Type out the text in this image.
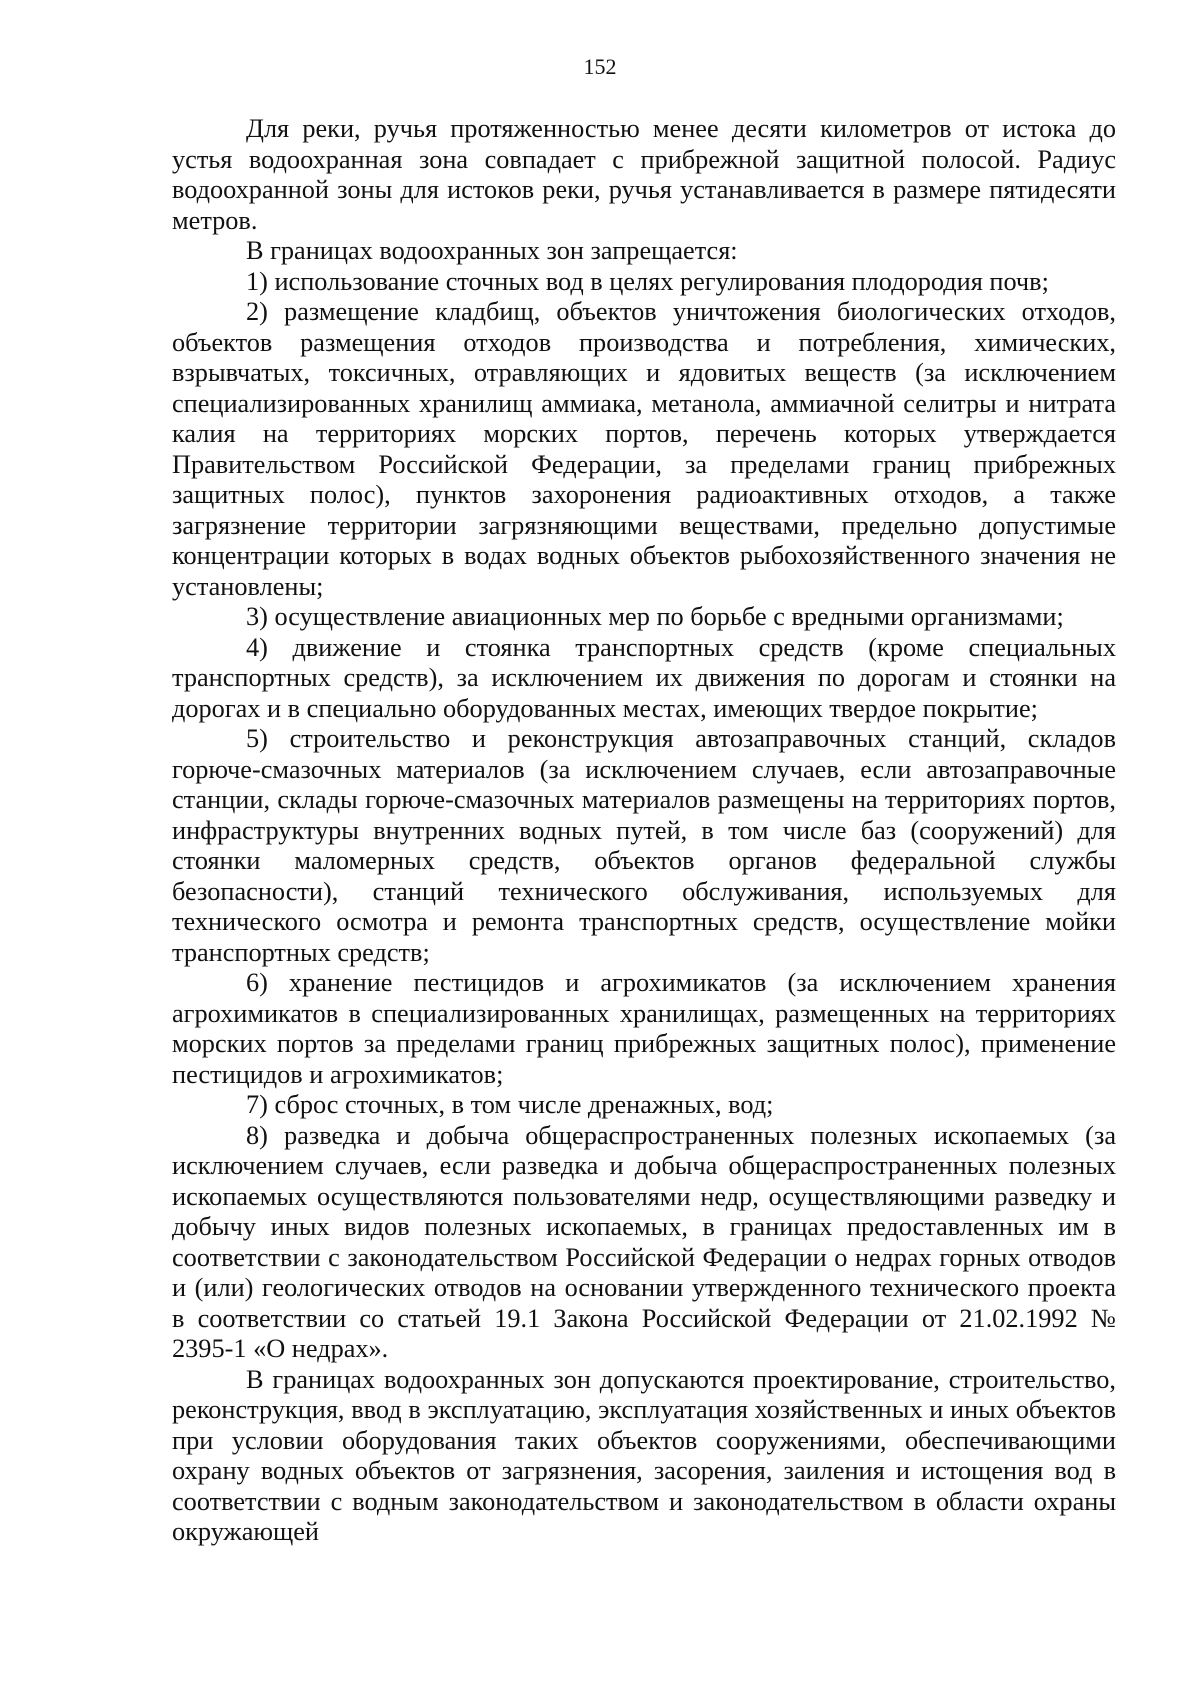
152

Для реки, ручья протяженностью менее десяти километров от истока до устья водоохранная зона совпадает с прибрежной защитной полосой. Радиус водоохранной зоны для истоков реки, ручья устанавливается в размере пятидесяти метров.

В границах водоохранных зон запрещается:

1) использование сточных вод в целях регулирования плодородия почв;

2) размещение кладбищ, объектов уничтожения биологических отходов, объектов размещения отходов производства и потребления, химических, взрывчатых, токсичных, отравляющих и ядовитых веществ (за исключением специализированных хранилищ аммиака, метанола, аммиачной селитры и нитрата калия на территориях морских портов, перечень которых утверждается Правительством Российской Федерации, за пределами границ прибрежных защитных полос), пунктов захоронения радиоактивных отходов, а также загрязнение территории загрязняющими веществами, предельно допустимые концентрации которых в водах водных объектов рыбохозяйственного значения не установлены;

3) осуществление авиационных мер по борьбе с вредными организмами;

4) движение и стоянка транспортных средств (кроме специальных транспортных средств), за исключением их движения по дорогам и стоянки на дорогах и в специально оборудованных местах, имеющих твердое покрытие;

5) строительство и реконструкция автозаправочных станций, складов горюче-смазочных материалов (за исключением случаев, если автозаправочные станции, склады горюче-смазочных материалов размещены на территориях портов, инфраструктуры внутренних водных путей, в том числе баз (сооружений) для стоянки маломерных средств, объектов органов федеральной службы безопасности), станций технического обслуживания, используемых для технического осмотра и ремонта транспортных средств, осуществление мойки транспортных средств;

6) хранение пестицидов и агрохимикатов (за исключением хранения агрохимикатов в специализированных хранилищах, размещенных на территориях морских портов за пределами границ прибрежных защитных полос), применение пестицидов и агрохимикатов;

7) сброс сточных, в том числе дренажных, вод;

8) разведка и добыча общераспространенных полезных ископаемых (за исключением случаев, если разведка и добыча общераспространенных полезных ископаемых осуществляются пользователями недр, осуществляющими разведку и добычу иных видов полезных ископаемых, в границах предоставленных им в соответствии с законодательством Российской Федерации о недрах горных отводов и (или) геологических отводов на основании утвержденного технического проекта в соответствии со статьей 19.1 Закона Российской Федерации от 21.02.1992 № 2395-1 «О недрах».

В границах водоохранных зон допускаются проектирование, строительство, реконструкция, ввод в эксплуатацию, эксплуатация хозяйственных и иных объектов при условии оборудования таких объектов сооружениями, обеспечивающими охрану водных объектов от загрязнения, засорения, заиления и истощения вод в соответствии с водным законодательством и законодательством в области охраны окружающей
